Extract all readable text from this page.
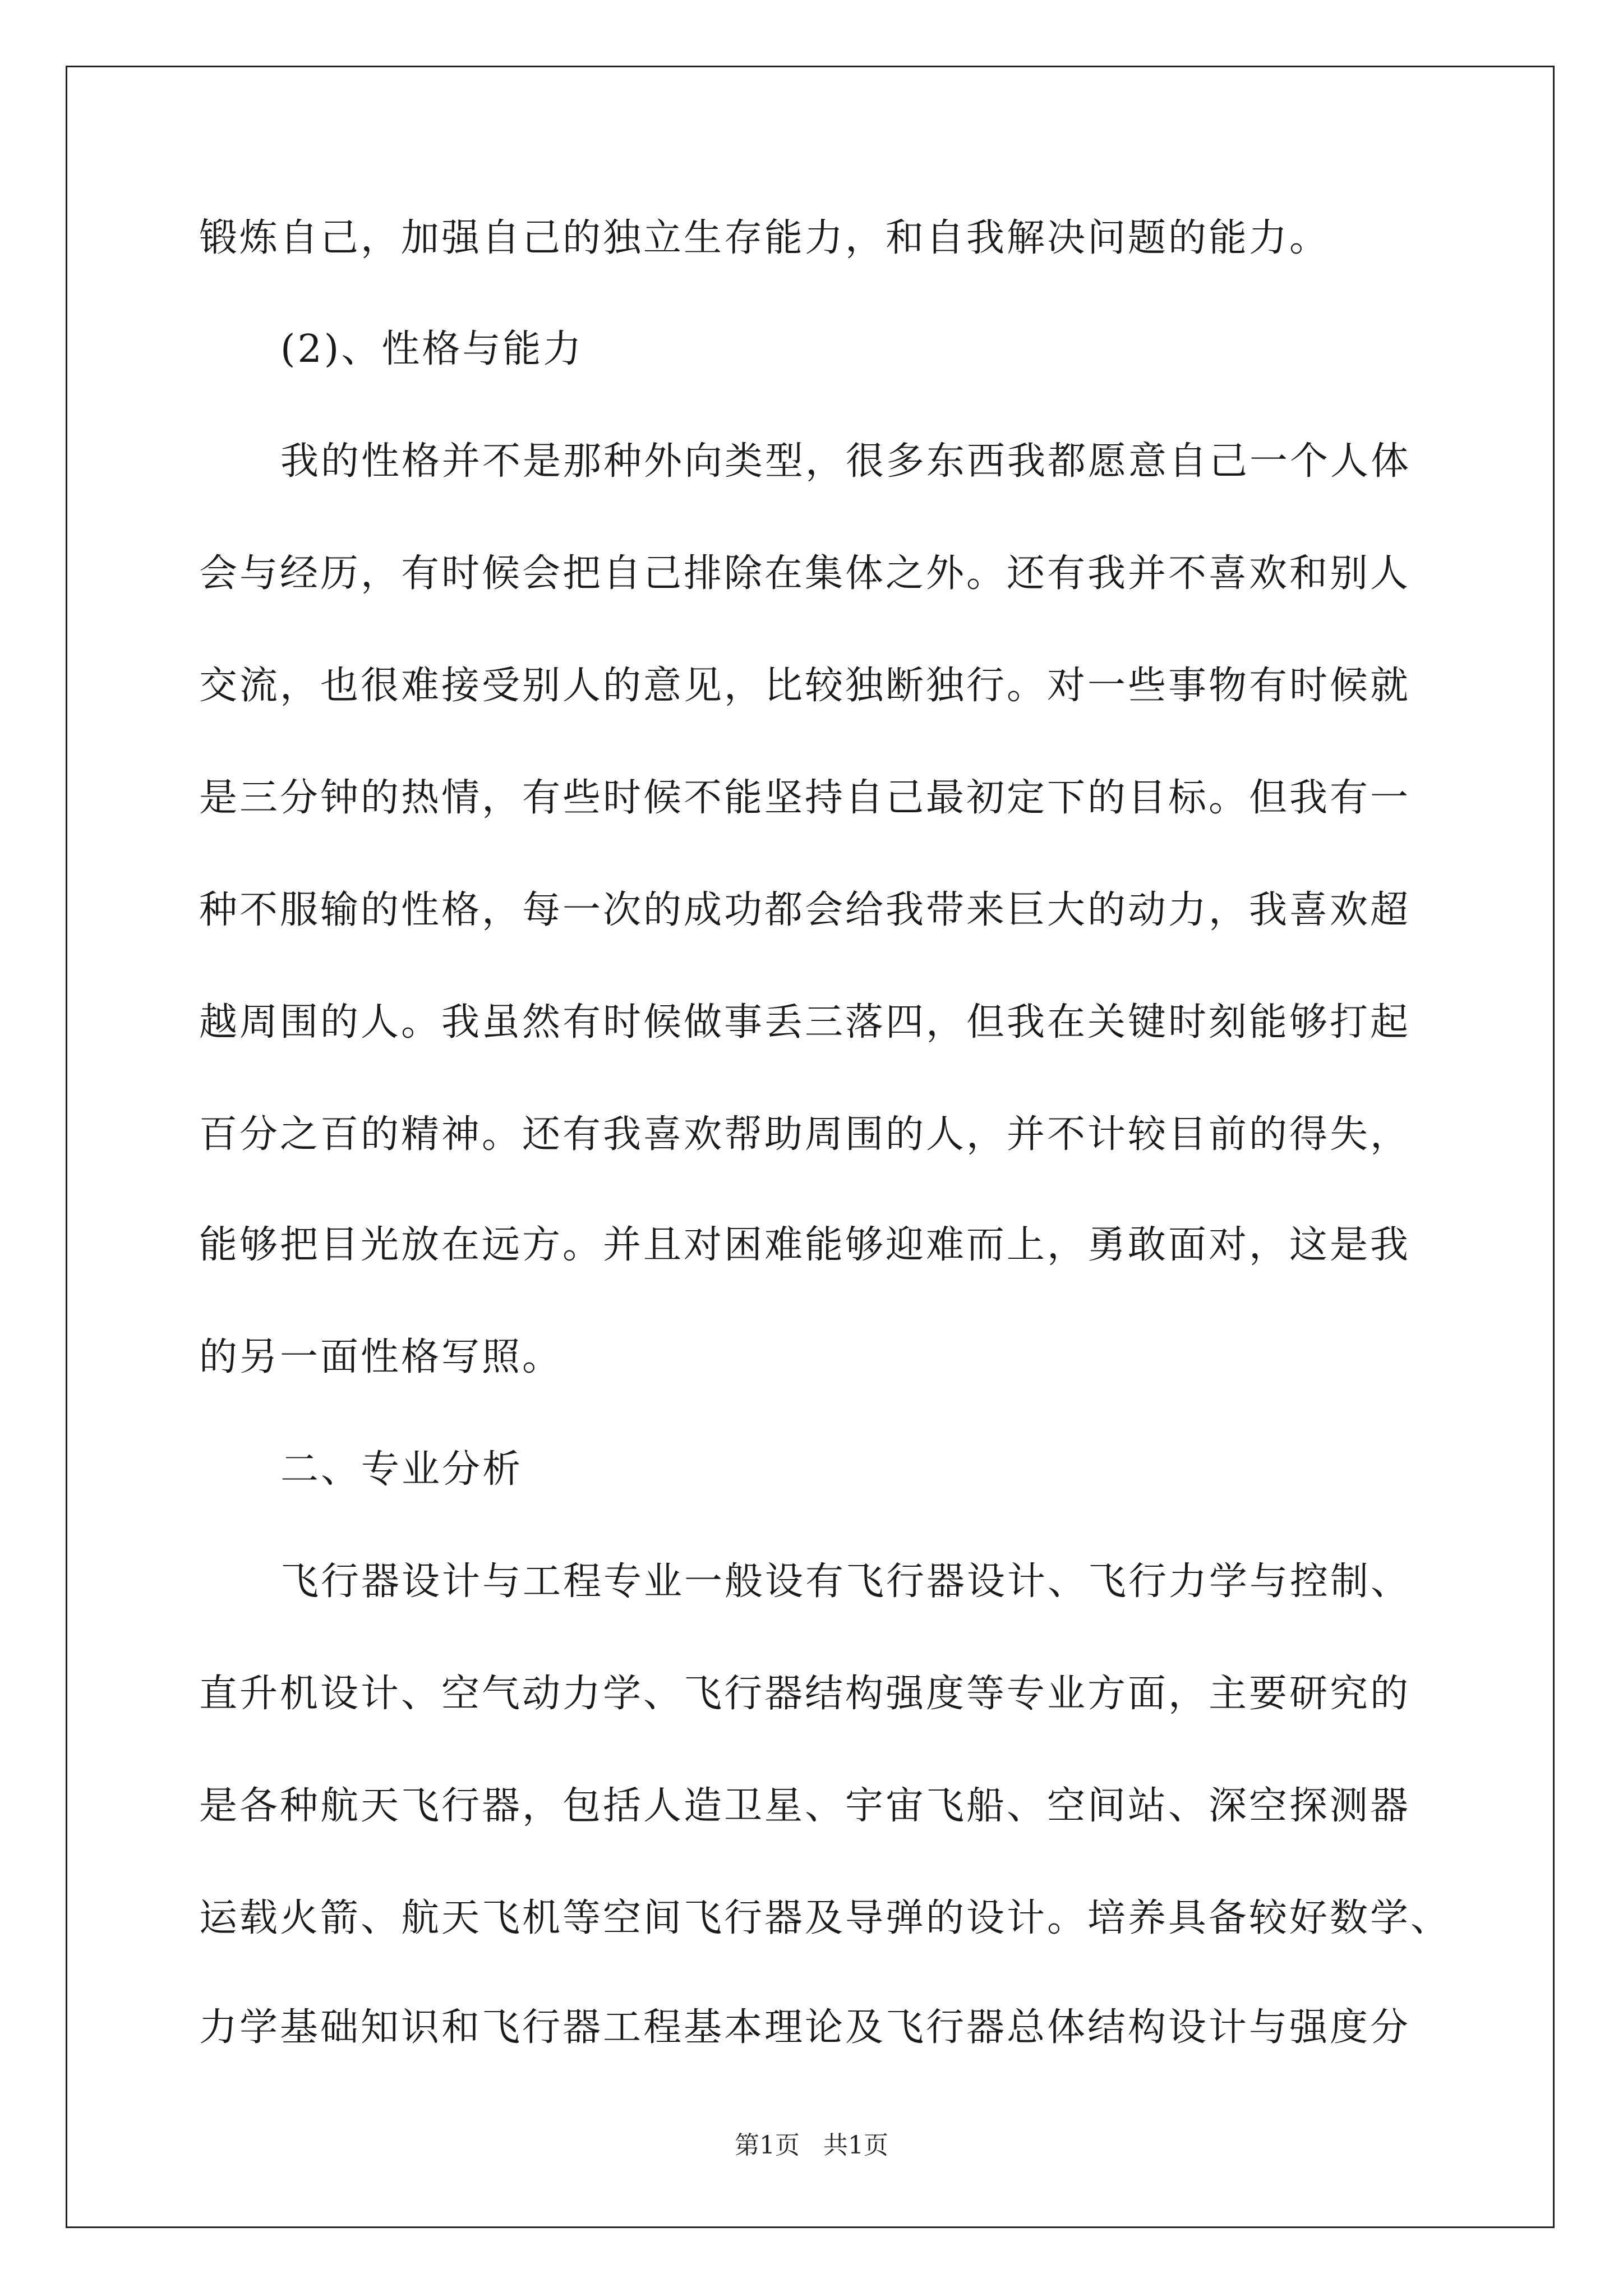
锻炼自己，加强自己的独立生存能力，和自我解决问题的能力。
(2)、性格与能力
我的性格并不是那种外向类型，很多东西我都愿意自己一个人体
会与经历，有时候会把自己排除在集体之外。还有我并不喜欢和别人
交流，也很难接受别人的意见，比较独断独行。对一些事物有时候就
是三分钟的热情，有些时候不能坚持自己最初定下的目标。但我有一
种不服输的性格，每一次的成功都会给我带来巨大的动力，我喜欢超
越周围的人。我虽然有时候做事丢三落四，但我在关键时刻能够打起
百分之百的精神。还有我喜欢帮助周围的人，并不计较目前的得失，
能够把目光放在远方。并且对困难能够迎难而上，勇敢面对，这是我
的另一面性格写照。
二、专业分析
飞行器设计与工程专业一般设有飞行器设计、飞行力学与控制、
直升机设计、空气动力学、飞行器结构强度等专业方面，主要研究的
是各种航天飞行器，包括人造卫星、宇宙飞船、空间站、深空探测器
运载火箭、航天飞机等空间飞行器及导弹的设计。培养具备较好数学、
力学基础知识和飞行器工程基本理论及飞行器总体结构设计与强度分
第1页 共1页
